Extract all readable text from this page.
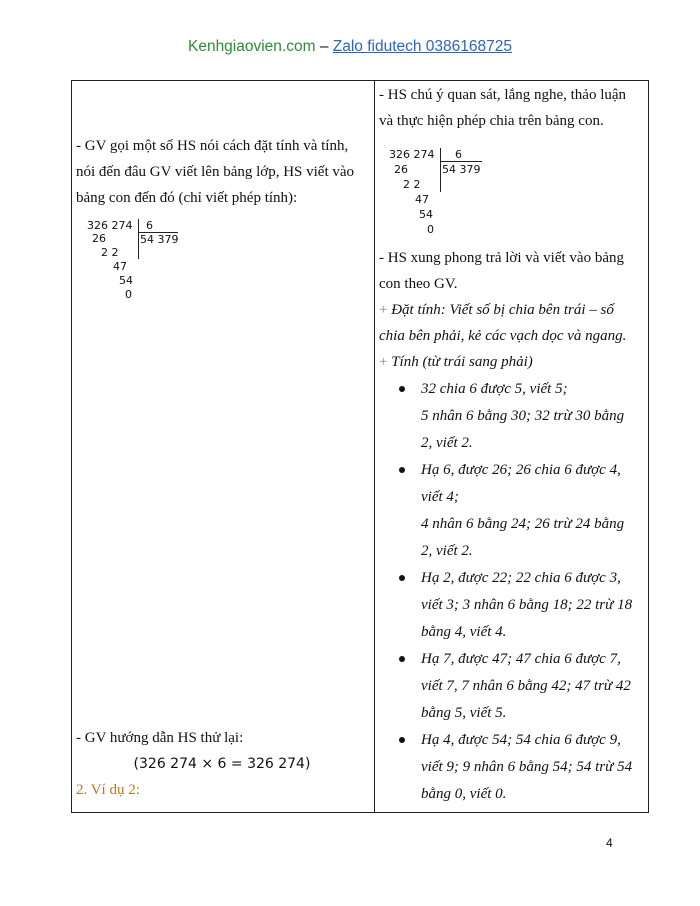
Kenhgiaovien.com – Zalo fidutech 0386168725
- GV gọi một số HS nói cách đặt tính và tính,
nói đến đâu GV viết lên bảng lớp, HS viết vào
bảng con đến đó (chỉ viết phép tính):
326 274 6
54 379
26
2 2
47
54
0
- GV hướng dẫn HS thử lại:
(326 274 × 6 = 326 274)
2. Ví dụ 2:
- HS chú ý quan sát, lắng nghe, thảo luận
và thực hiện phép chia trên bảng con.
326 274 6
54 379
26
2 2
47
54
0
- HS xung phong trả lời và viết vào bảng
con theo GV.
+ Đặt tính: Viết số bị chia bên trái – số
chia bên phải, kẻ các vạch dọc và ngang.
+ Tính (từ trái sang phải)
32 chia 6 được 5, viết 5;
5 nhân 6 bằng 30; 32 trừ 30 bằng
2, viết 2.
Hạ 6, được 26; 26 chia 6 được 4,
viết 4;
4 nhân 6 bằng 24; 26 trừ 24 bằng
2, viết 2.
Hạ 2, được 22; 22 chia 6 được 3,
viết 3; 3 nhân 6 bằng 18; 22 trừ 18
bằng 4, viết 4.
Hạ 7, được 47; 47 chia 6 được 7,
viết 7, 7 nhân 6 bằng 42; 47 trừ 42
bằng 5, viết 5.
Hạ 4, được 54; 54 chia 6 được 9,
viết 9; 9 nhân 6 bằng 54; 54 trừ 54
bằng 0, viết 0.
4
